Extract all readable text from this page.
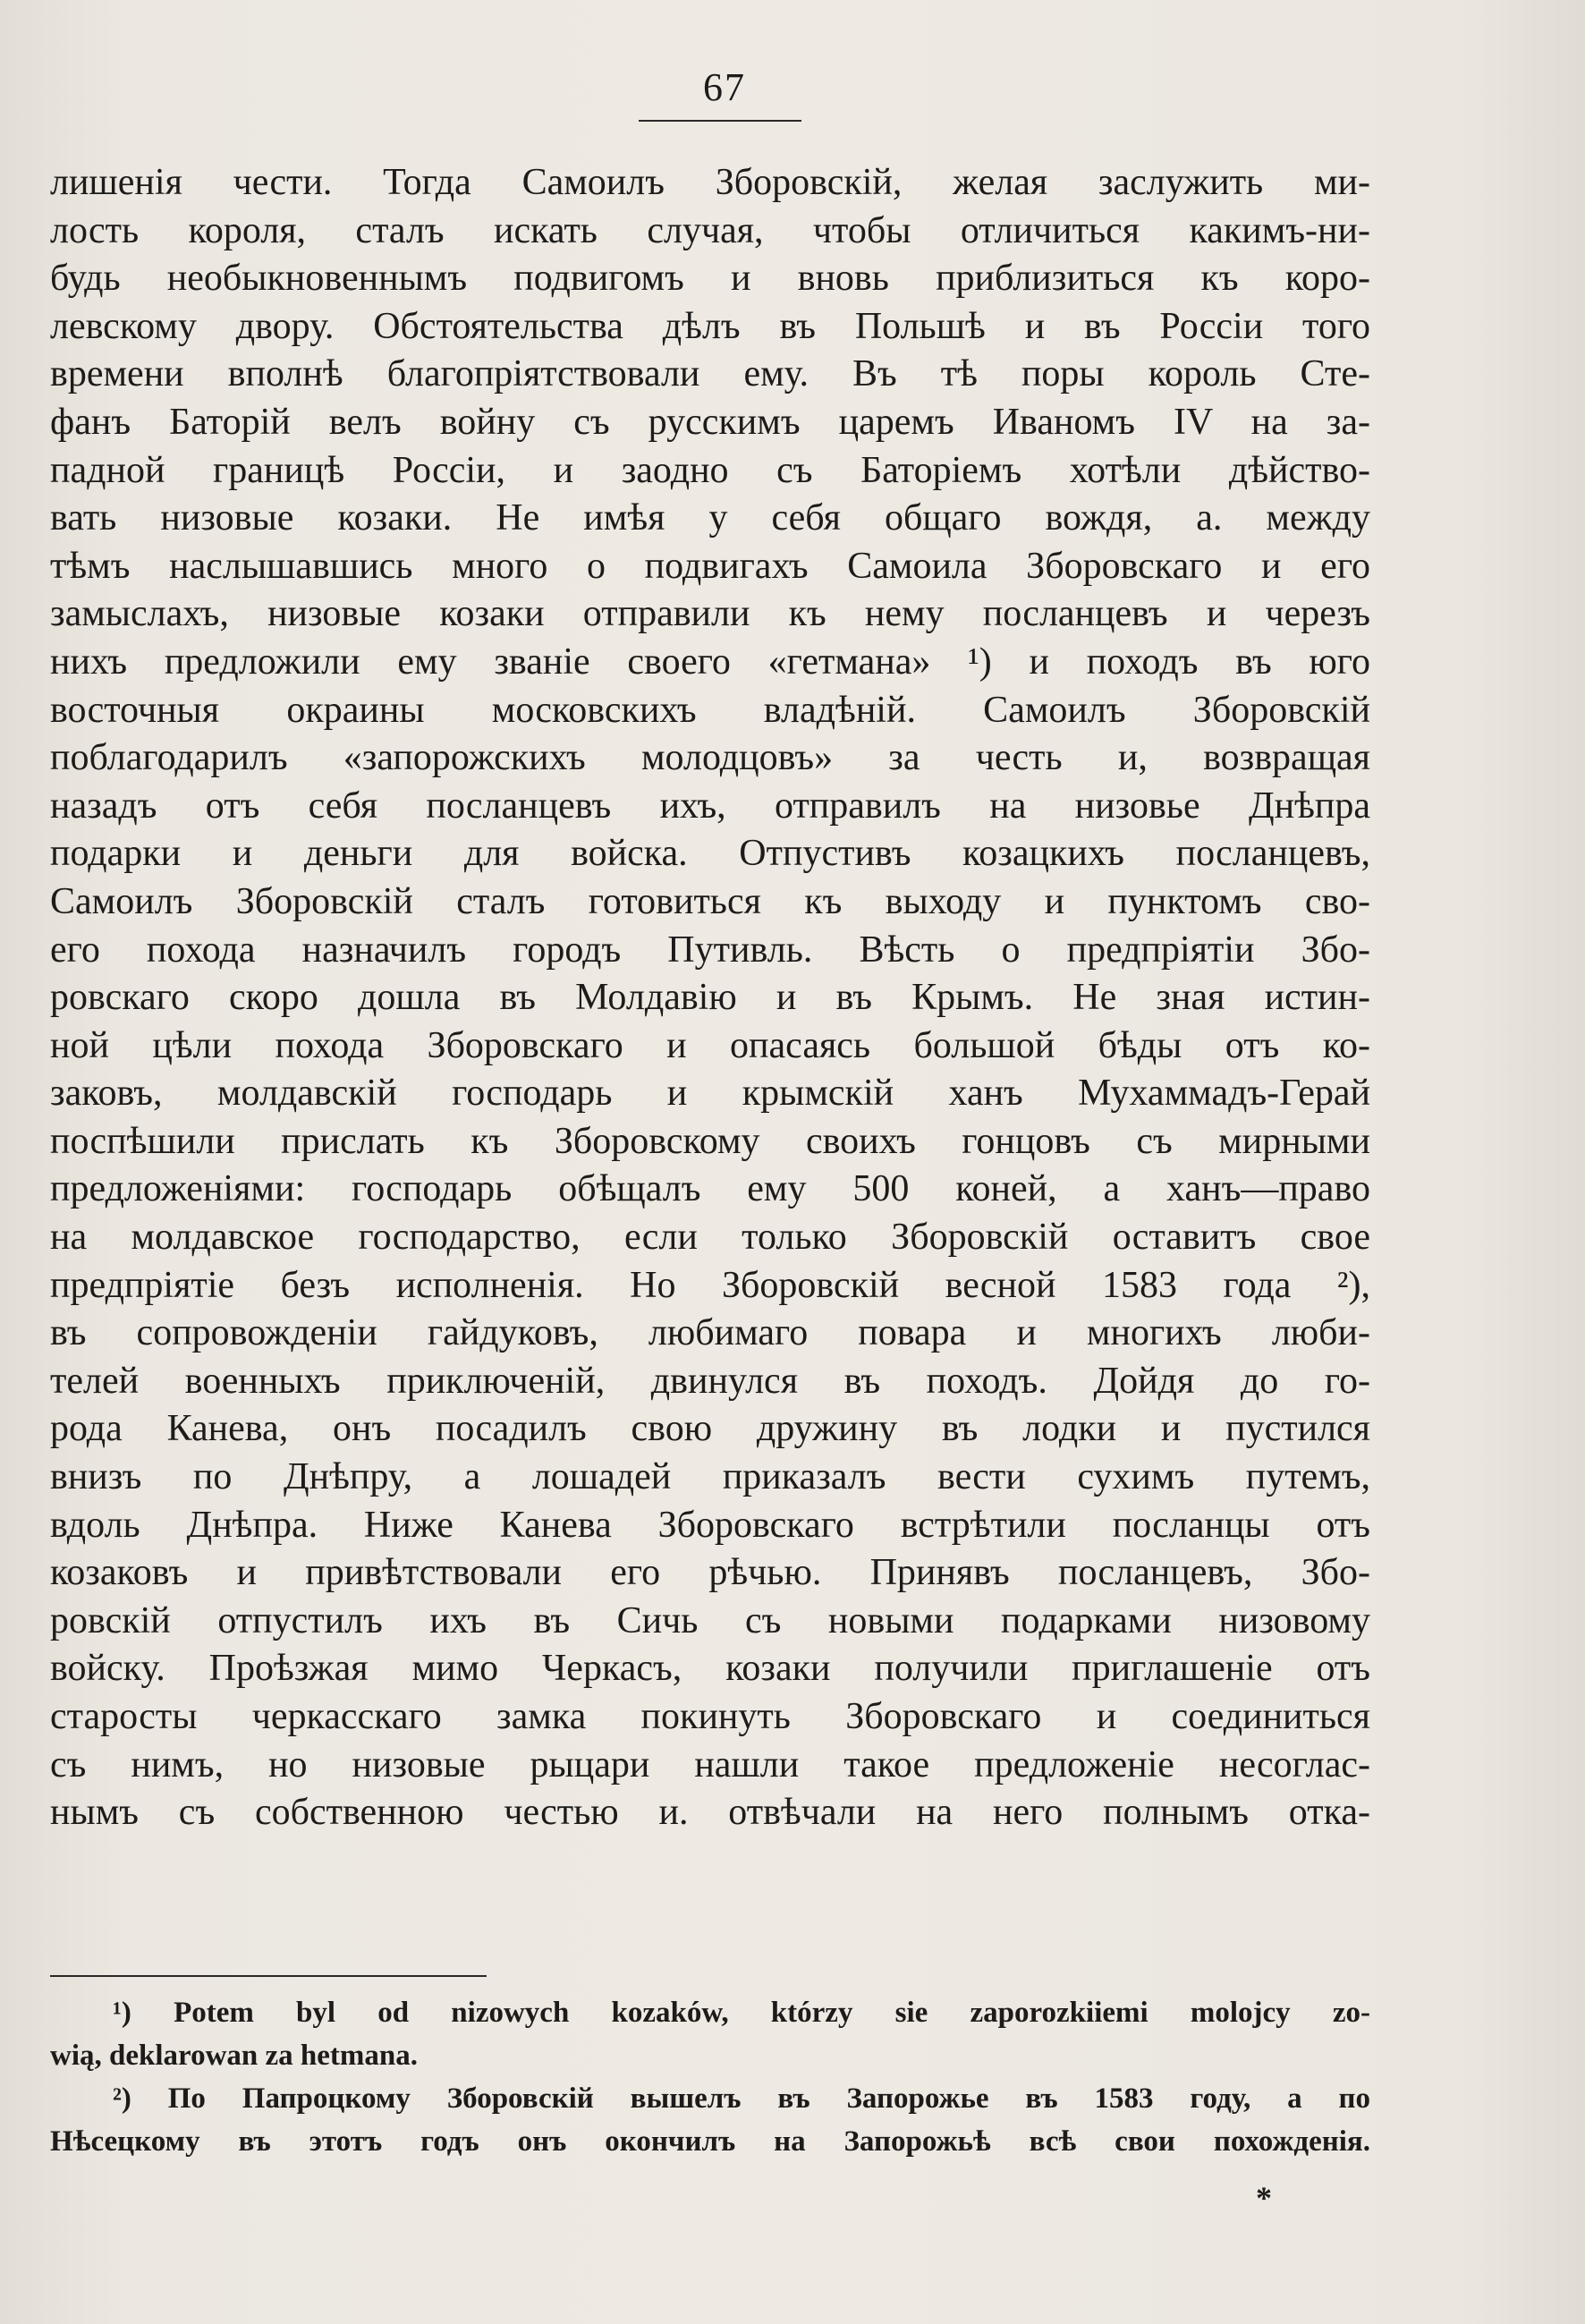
67
лишенія чести. Тогда Самоилъ Зборовскій, желая заслужить ми-
лость короля, сталъ искать случая, чтобы отличиться какимъ-ни-
будь необыкновеннымъ подвигомъ и вновь приблизиться къ коро-
левскому двору. Обстоятельства дѣлъ въ Польшѣ и въ Россіи того
времени вполнѣ благопріятствовали ему. Въ тѣ поры король Сте-
фанъ Баторій велъ войну съ русскимъ царемъ Иваномъ IV на за-
падной границѣ Россіи, и заодно съ Баторіемъ хотѣли дѣйство-
вать низовые козаки. Не имѣя у себя общаго вождя, а. между
тѣмъ наслышавшись много о подвигахъ Самоила Зборовскаго и его
замыслахъ, низовые козаки отправили къ нему посланцевъ и черезъ
нихъ предложили ему званіе своего «гетмана» ¹) и походъ въ юго
восточныя окраины московскихъ владѣній. Самоилъ Зборовскій
поблагодарилъ «запорожскихъ молодцовъ» за честь и, возвращая
назадъ отъ себя посланцевъ ихъ, отправилъ на низовье Днѣпра
подарки и деньги для войска. Отпустивъ козацкихъ посланцевъ,
Самоилъ Зборовскій сталъ готовиться къ выходу и пунктомъ сво-
его похода назначилъ городъ Путивль. Вѣсть о предпріятіи Збо-
ровскаго скоро дошла въ Молдавію и въ Крымъ. Не зная истин-
ной цѣли похода Зборовскаго и опасаясь большой бѣды отъ ко-
заковъ, молдавскій господарь и крымскій ханъ Мухаммадъ-Герай
поспѣшили прислать къ Зборовскому своихъ гонцовъ съ мирными
предложеніями: господарь обѣщалъ ему 500 коней, а ханъ—право
на молдавское господарство, если только Зборовскій оставитъ свое
предпріятіе безъ исполненія. Но Зборовскій весной 1583 года ²),
въ сопровожденіи гайдуковъ, любимаго повара и многихъ люби-
телей военныхъ приключеній, двинулся въ походъ. Дойдя до го-
рода Канева, онъ посадилъ свою дружину въ лодки и пустился
внизъ по Днѣпру, а лошадей приказалъ вести сухимъ путемъ,
вдоль Днѣпра. Ниже Канева Зборовскаго встрѣтили посланцы отъ
козаковъ и привѣтствовали его рѣчью. Принявъ посланцевъ, Збо-
ровскій отпустилъ ихъ въ Сичь съ новыми подарками низовому
войску. Проѣзжая мимо Черкасъ, козаки получили приглашеніе отъ
старосты черкасскаго замка покинуть Зборовскаго и соединиться
съ нимъ, но низовые рыцари нашли такое предложеніе несоглас-
нымъ съ собственною честью и. отвѣчали на него полнымъ отка-
¹) Potem byl od nizowych kozaków, którzy sie zaporozkiiemi molojcy zo-
wią, deklarowan za hetmana.
²) По Папроцкому Зборовскій вышелъ въ Запорожье въ 1583 году, а по
Нѣсецкому въ этотъ годъ онъ окончилъ на Запорожьѣ всѣ свои похожденія.
*
